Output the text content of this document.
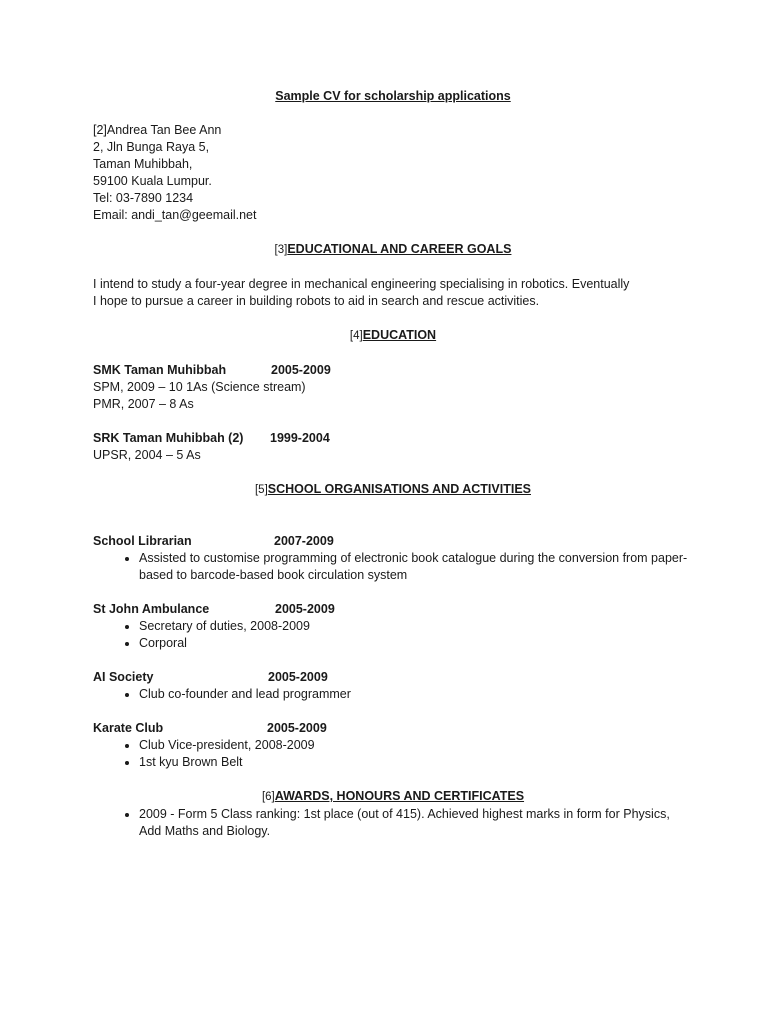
Sample CV for scholarship applications
[2]Andrea Tan Bee Ann
2, Jln Bunga Raya 5,
Taman Muhibbah,
59100 Kuala Lumpur.
Tel: 03-7890 1234
Email: andi_tan@geemail.net
[3]EDUCATIONAL AND CAREER GOALS
I intend to study a four-year degree in mechanical engineering specialising in robotics. Eventually
I hope to pursue a career in building robots to aid in search and rescue activities.
[4]EDUCATION
SMK Taman Muhibbah	2005-2009
SPM, 2009 – 10 1As (Science stream)
PMR, 2007 – 8 As
SRK Taman Muhibbah (2)	1999-2004
UPSR, 2004 – 5 As
[5]SCHOOL ORGANISATIONS AND ACTIVITIES
School Librarian	2007-2009
• Assisted to customise programming of electronic book catalogue during the conversion from paper-based to barcode-based book circulation system
St John Ambulance	2005-2009
• Secretary of duties, 2008-2009
• Corporal
AI Society	2005-2009
• Club co-founder and lead programmer
Karate Club	2005-2009
• Club Vice-president, 2008-2009
• 1st kyu Brown Belt
[6]AWARDS, HONOURS AND CERTIFICATES
• 2009 - Form 5 Class ranking: 1st place (out of 415). Achieved highest marks in form for Physics, Add Maths and Biology.
